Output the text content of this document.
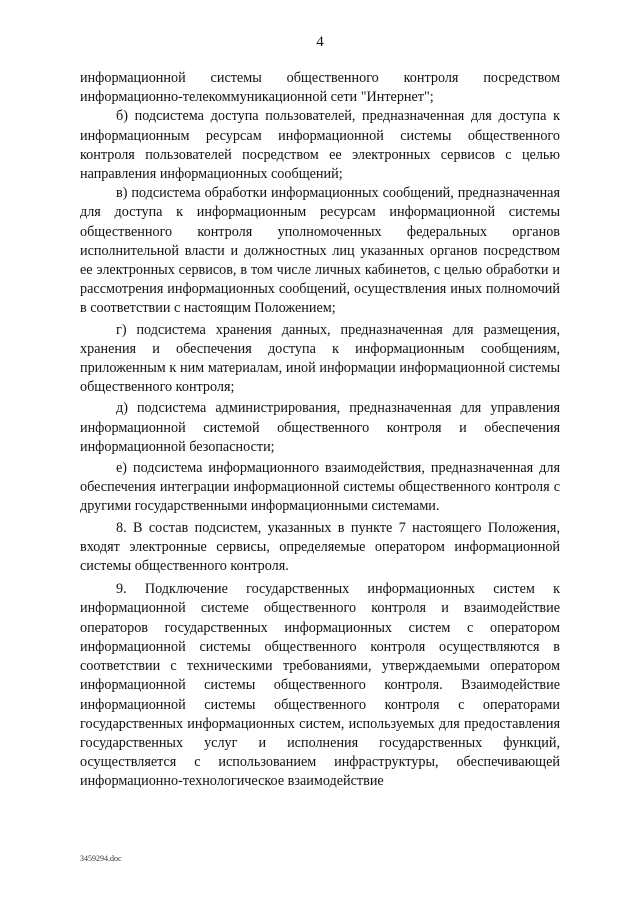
4

информационной системы общественного контроля посредством информационно-телекоммуникационной сети "Интернет";

б) подсистема доступа пользователей, предназначенная для доступа к информационным ресурсам информационной системы общественного контроля пользователей посредством ее электронных сервисов с целью направления информационных сообщений;

в) подсистема обработки информационных сообщений, предназначенная для доступа к информационным ресурсам информационной системы общественного контроля уполномоченных федеральных органов исполнительной власти и должностных лиц указанных органов посредством ее электронных сервисов, в том числе личных кабинетов, с целью обработки и рассмотрения информационных сообщений, осуществления иных полномочий в соответствии с настоящим Положением;

г) подсистема хранения данных, предназначенная для размещения, хранения и обеспечения доступа к информационным сообщениям, приложенным к ним материалам, иной информации информационной системы общественного контроля;

д) подсистема администрирования, предназначенная для управления информационной системой общественного контроля и обеспечения информационной безопасности;

е) подсистема информационного взаимодействия, предназначенная для обеспечения интеграции информационной системы общественного контроля с другими государственными информационными системами.

8. В состав подсистем, указанных в пункте 7 настоящего Положения, входят электронные сервисы, определяемые оператором информационной системы общественного контроля.

9. Подключение государственных информационных систем к информационной системе общественного контроля и взаимодействие операторов государственных информационных систем с оператором информационной системы общественного контроля осуществляются в соответствии с техническими требованиями, утверждаемыми оператором информационной системы общественного контроля. Взаимодействие информационной системы общественного контроля с операторами государственных информационных систем, используемых для предоставления государственных услуг и исполнения государственных функций, осуществляется с использованием инфраструктуры, обеспечивающей информационно-технологическое взаимодействие

3459294.doc
